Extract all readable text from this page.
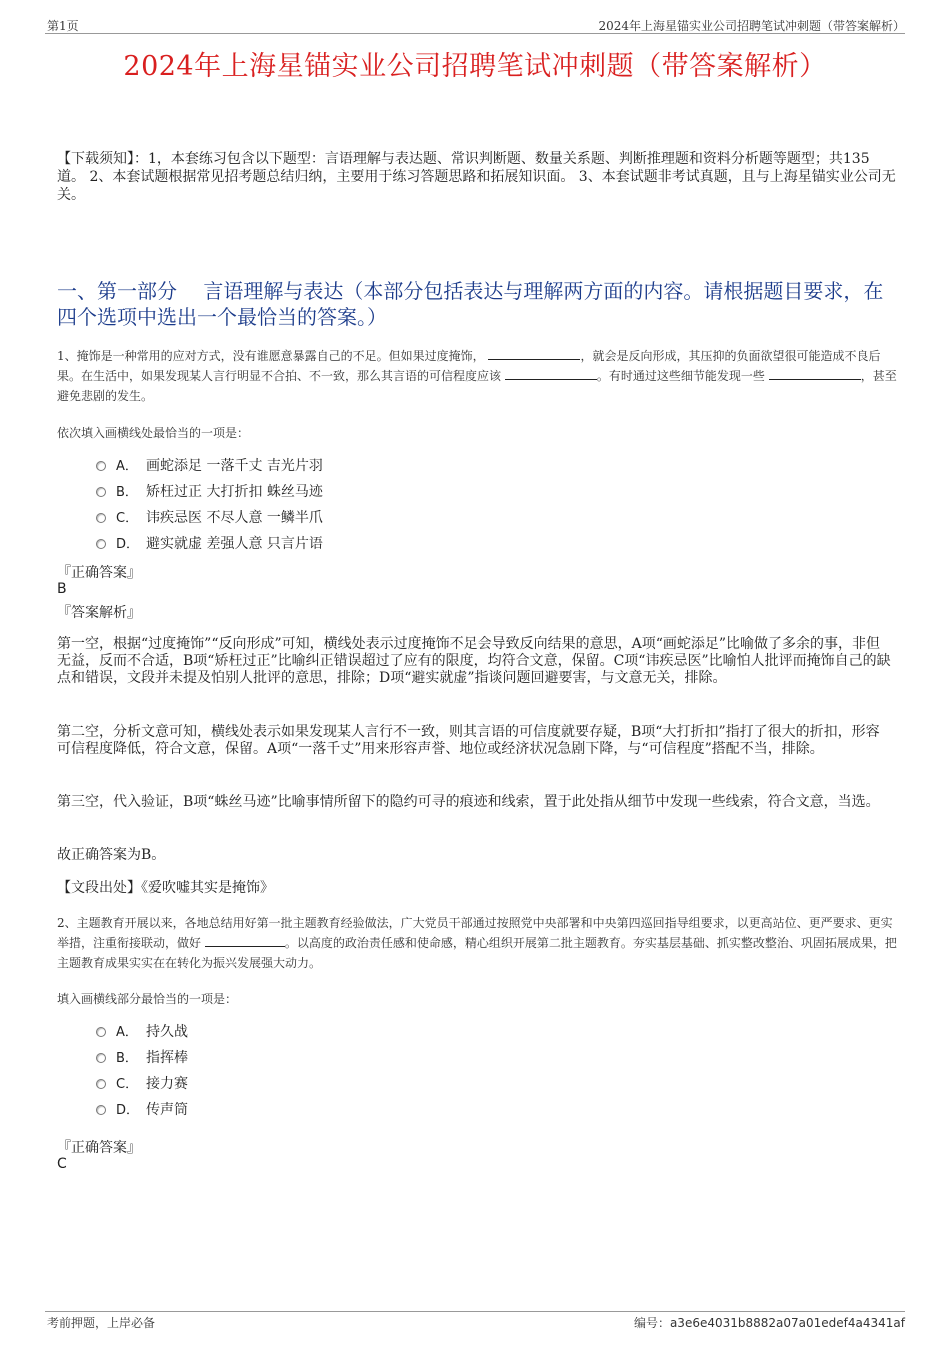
第1页	2024年上海星锚实业公司招聘笔试冲刺题（带答案解析）
2024年上海星锚实业公司招聘笔试冲刺题（带答案解析）
【下载须知】：1，本套练习包含以下题型：言语理解与表达题、常识判断题、数量关系题、判断推理题和资料分析题等题型；共135道。 2、本套试题根据常见招考题总结归纳，主要用于练习答题思路和拓展知识面。 3、本套试题非考试真题，且与上海星锚实业公司无关。
一、第一部分　 言语理解与表达（本部分包括表达与理解两方面的内容。请根据题目要求，在四个选项中选出一个最恰当的答案。）
1、掩饰是一种常用的应对方式，没有谁愿意暴露自己的不足。但如果过度掩饰，	，就会是反向形成，其压抑的负面欲望很可能造成不良后果。在生活中，如果发现某人言行明显不合拍、不一致，那么其言语的可信程度应该	。有时通过这些细节能发现一些	，甚至避免悲剧的发生。
依次填入画横线处最恰当的一项是：
A． 画蛇添足 一落千丈 吉光片羽
B． 矫枉过正 大打折扣 蛛丝马迹
C． 讳疾忌医 不尽人意 一鳞半爪
D． 避实就虚 差强人意 只言片语
『正确答案』
B
『答案解析』
第一空，根据“过度掩饰”“反向形成”可知，横线处表示过度掩饰不足会导致反向结果的意思，A项“画蛇添足”比喻做了多余的事，非但无益，反而不合适，B项“矫枉过正”比喻纠正错误超过了应有的限度，均符合文意，保留。C项“讳疾忌医”比喻怕人批评而掩饰自己的缺点和错误，文段并未提及怕别人批评的意思，排除；D项“避实就虚”指谈问题回避要害，与文意无关，排除。
第二空，分析文意可知，横线处表示如果发现某人言行不一致，则其言语的可信度就要存疑，B项“大打折扣”指打了很大的折扣，形容可信程度降低，符合文意，保留。A项“一落千丈”用来形容声誉、地位或经济状况急剧下降，与“可信程度”搭配不当，排除。
第三空，代入验证，B项“蛛丝马迹”比喻事情所留下的隐约可寻的痕迹和线索，置于此处指从细节中发现一些线索，符合文意，当选。
故正确答案为B。
【文段出处】《爱吹嘘其实是掩饰》
2、主题教育开展以来，各地总结用好第一批主题教育经验做法，广大党员干部通过按照党中央部署和中央第四巡回指导组要求，以更高站位、更严要求、更实举措，注重衔接联动，做好	。以高度的政治责任感和使命感，精心组织开展第二批主题教育。夯实基层基础、抓实整改整治、巩固拓展成果，把主题教育成果实实在在转化为振兴发展强大动力。
填入画横线部分最恰当的一项是：
A． 持久战
B． 指挥棒
C． 接力赛
D． 传声筒
『正确答案』
C
考前押题，上岸必备	编号：a3e6e4031b8882a07a01edef4a4341af
